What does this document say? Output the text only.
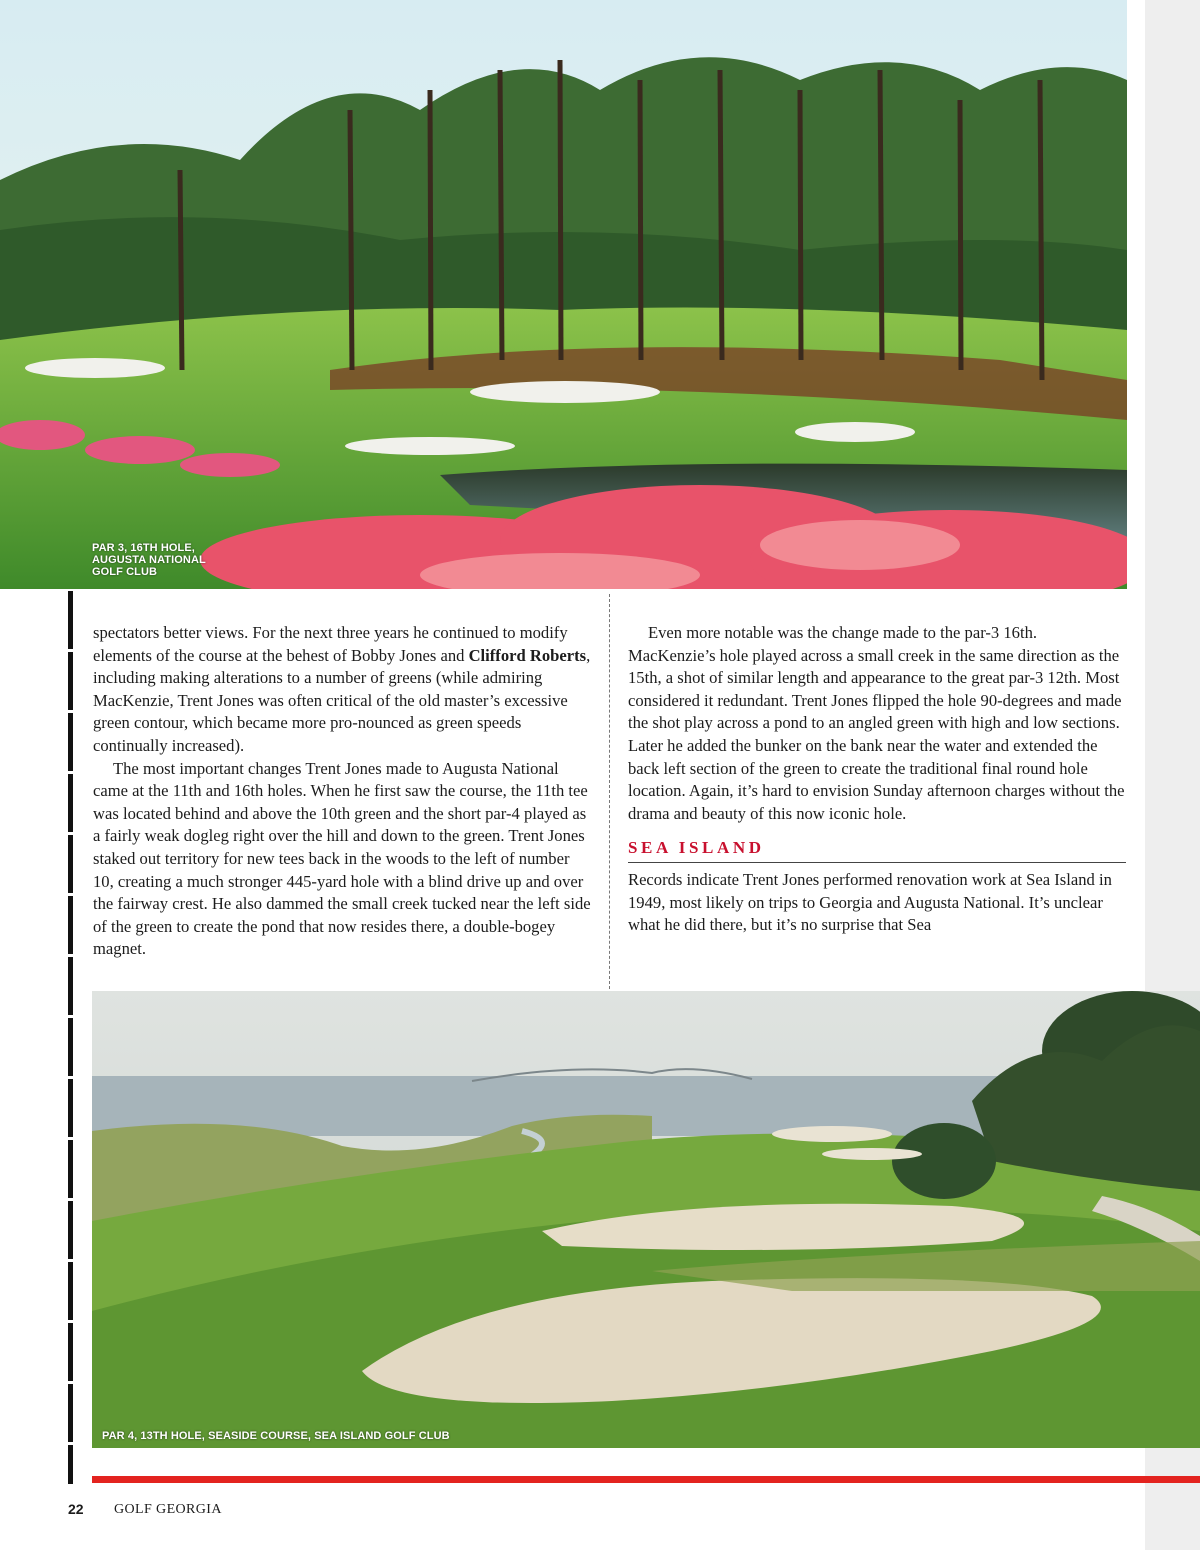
PAR 3, 16TH HOLE,
AUGUSTA NATIONAL
GOLF CLUB

spectators better views. For the next three years he continued to modify elements of the course at the behest of Bobby Jones and Clifford Roberts, including making alterations to a number of greens (while admiring MacKenzie, Trent Jones was often critical of the old master’s excessive green contour, which became more pro-nounced as green speeds continually increased).

The most important changes Trent Jones made to Augusta National came at the 11th and 16th holes. When he first saw the course, the 11th tee was located behind and above the 10th green and the short par-4 played as a fairly weak dogleg right over the hill and down to the green. Trent Jones staked out territory for new tees back in the woods to the left of number 10, creating a much stronger 445-yard hole with a blind drive up and over the fairway crest. He also dammed the small creek tucked near the left side of the green to create the pond that now resides there, a double-bogey magnet.

Even more notable was the change made to the par-3 16th. MacKenzie’s hole played across a small creek in the same direction as the 15th, a shot of similar length and appearance to the great par-3 12th. Most considered it redundant. Trent Jones flipped the hole 90-degrees and made the shot play across a pond to an angled green with high and low sections. Later he added the bunker on the bank near the water and extended the back left section of the green to create the traditional final round hole location. Again, it’s hard to envision Sunday afternoon charges without the drama and beauty of this now iconic hole.

SEA ISLAND

Records indicate Trent Jones performed renovation work at Sea Island in 1949, most likely on trips to Georgia and Augusta National. It’s unclear what he did there, but it’s no surprise that Sea

PAR 4, 13TH HOLE, SEASIDE COURSE, SEA ISLAND GOLF CLUB
22 GOLF GEORGIA
